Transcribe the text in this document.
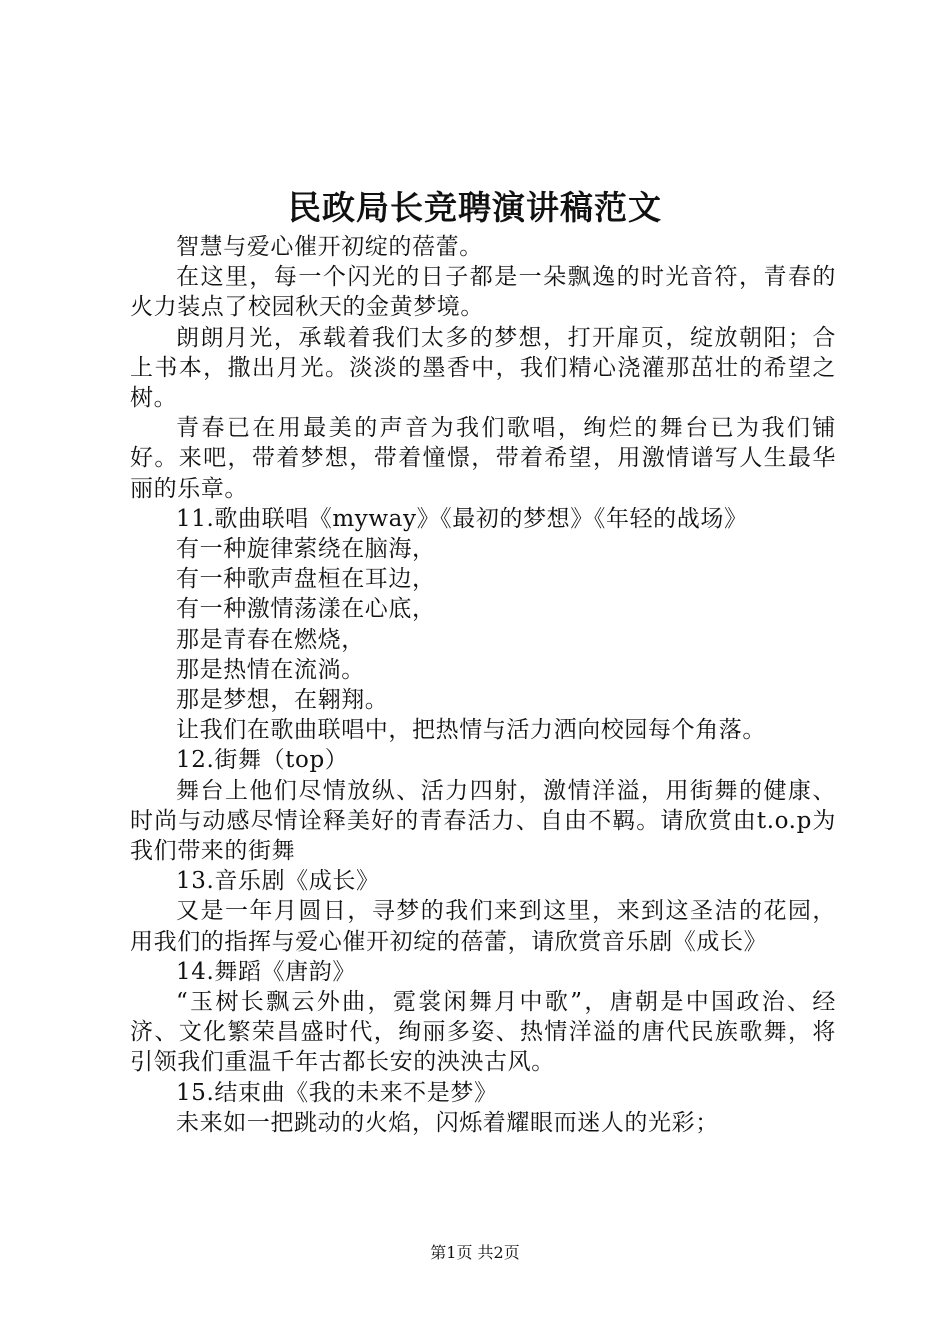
民政局长竞聘演讲稿范文

智慧与爱心催开初绽的蓓蕾。

在这里，每一个闪光的日子都是一朵飘逸的时光音符，青春的火力装点了校园秋天的金黄梦境。

朗朗月光，承载着我们太多的梦想，打开扉页，绽放朝阳；合上书本，撒出月光。淡淡的墨香中，我们精心浇灌那茁壮的希望之树。

青春已在用最美的声音为我们歌唱，绚烂的舞台已为我们铺好。来吧，带着梦想，带着憧憬，带着希望，用激情谱写人生最华丽的乐章。

11.歌曲联唱《myway》《最初的梦想》《年轻的战场》

有一种旋律萦绕在脑海，

有一种歌声盘桓在耳边，

有一种激情荡漾在心底，

那是青春在燃烧，

那是热情在流淌。

那是梦想，在翱翔。

让我们在歌曲联唱中，把热情与活力洒向校园每个角落。

12.街舞（top）

舞台上他们尽情放纵、活力四射，激情洋溢，用街舞的健康、时尚与动感尽情诠释美好的青春活力、自由不羁。请欣赏由t.o.p为我们带来的街舞

13.音乐剧《成长》

又是一年月圆日，寻梦的我们来到这里，来到这圣洁的花园，用我们的指挥与爱心催开初绽的蓓蕾，请欣赏音乐剧《成长》

14.舞蹈《唐韵》

“玉树长飘云外曲，霓裳闲舞月中歌”，唐朝是中国政治、经济、文化繁荣昌盛时代，绚丽多姿、热情洋溢的唐代民族歌舞，将引领我们重温千年古都长安的泱泱古风。

15.结束曲《我的未来不是梦》

未来如一把跳动的火焰，闪烁着耀眼而迷人的光彩；

第1页 共2页
